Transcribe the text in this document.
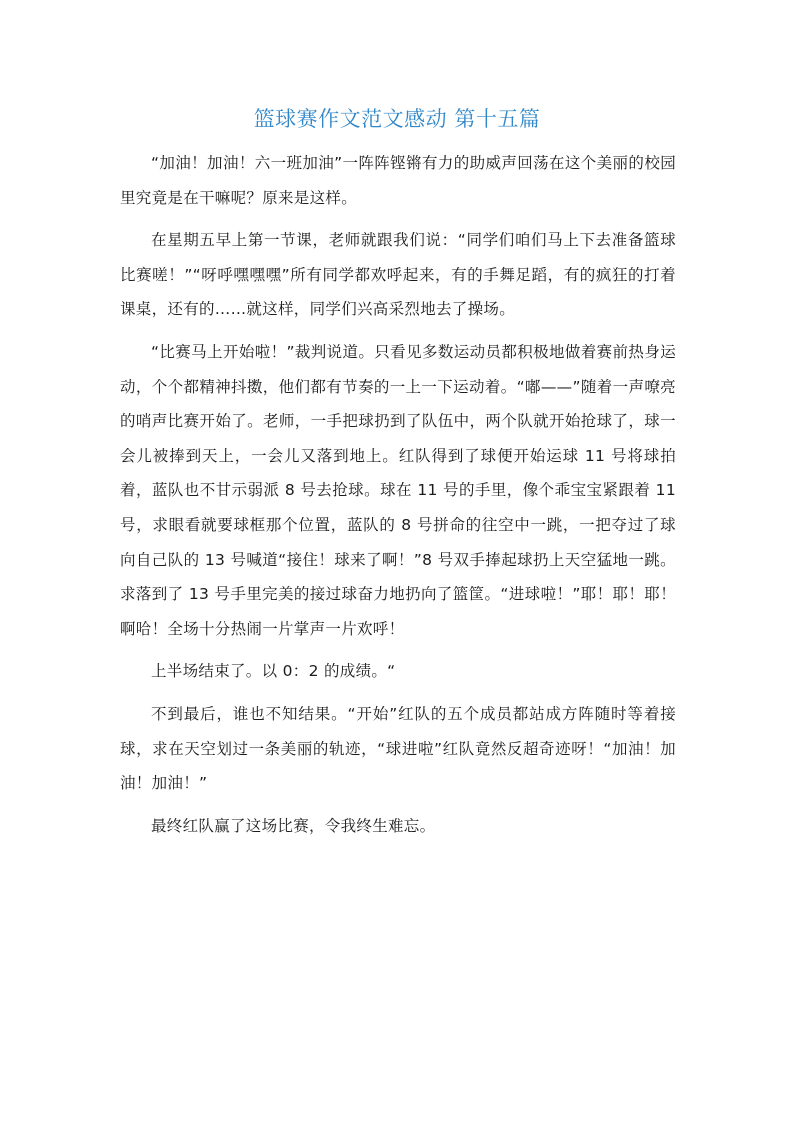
篮球赛作文范文感动 第十五篇

“加油！加油！六一班加油”一阵阵铿锵有力的助威声回荡在这个美丽的校园里究竟是在干嘛呢？原来是这样。

在星期五早上第一节课，老师就跟我们说：“同学们咱们马上下去准备篮球比赛嗟！”“呀呼嘿嘿嘿”所有同学都欢呼起来，有的手舞足蹈，有的疯狂的打着课桌，还有的……就这样，同学们兴高采烈地去了操场。

“比赛马上开始啦！”裁判说道。只看见多数运动员都积极地做着赛前热身运动，个个都精神抖擞，他们都有节奏的一上一下运动着。“嘟——”随着一声嘹亮的哨声比赛开始了。老师，一手把球扔到了队伍中，两个队就开始抢球了，球一会儿被捧到天上，一会儿又落到地上。红队得到了球便开始运球 11 号将球拍着，蓝队也不甘示弱派 8 号去抢球。球在 11 号的手里，像个乖宝宝紧跟着 11 号，求眼看就要球框那个位置，蓝队的 8 号拼命的往空中一跳，一把夺过了球向自己队的 13 号喊道“接住！球来了啊！”8 号双手捧起球扔上天空猛地一跳。求落到了 13 号手里完美的接过球奋力地扔向了篮筐。“进球啦！”耶！耶！耶！啊哈！全场十分热闹一片掌声一片欢呼！

上半场结束了。以 0：2 的成绩。“

不到最后，谁也不知结果。“开始”红队的五个成员都站成方阵随时等着接球，求在天空划过一条美丽的轨迹，“球进啦”红队竟然反超奇迹呀！“加油！加油！加油！”

最终红队赢了这场比赛，令我终生难忘。
